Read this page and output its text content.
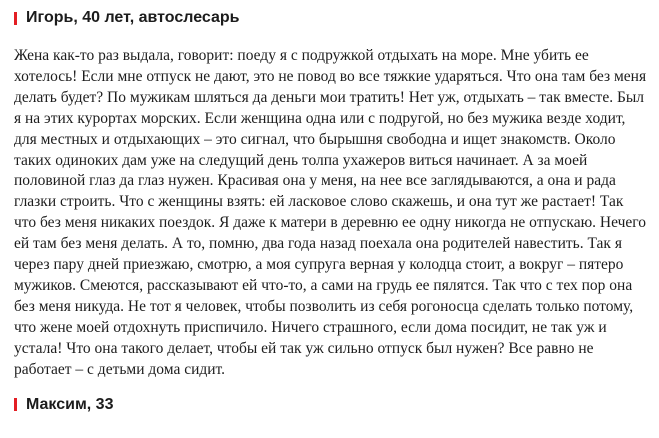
Игорь, 40 лет, автослесарь

Жена как-то раз выдала, говорит: поеду я с подружкой отдыхать на море. Мне убить ее хотелось! Если мне отпуск не дают, это не повод во все тяжкие ударяться. Что она там без меня делать будет? По мужикам шляться да деньги мои тратить! Нет уж, отдыхать – так вместе. Был я на этих курортах морских. Если женщина одна или с подругой, но без мужика везде ходит, для местных и отдыхающих – это сигнал, что бырышня свободна и ищет знакомств. Около таких одиноких дам уже на следущий день толпа ухажеров виться начинает. А за моей половиной глаз да глаз нужен. Красивая она у меня, на нее все заглядываются, а она и рада глазки строить. Что с женщины взять: ей ласковое слово скажешь, и она тут же растает! Так что без меня никаких поездок. Я даже к матери в деревню ее одну никогда не отпускаю. Нечего ей там без меня делать. А то, помню, два года назад поехала она родителей навестить. Так я через пару дней приезжаю, смотрю, а моя супруга верная у колодца стоит, а вокруг – пятеро мужиков. Смеются, рассказывают ей что-то, а сами на грудь ее пялятся. Так что с тех пор она без меня никуда. Не тот я человек, чтобы позволить из себя рогоносца сделать только потому, что жене моей отдохнуть приспичило. Ничего страшного, если дома посидит, не так уж и устала! Что она такого делает, чтобы ей так уж сильно отпуск был нужен? Все равно не работает – с детьми дома сидит.

Максим, 33
